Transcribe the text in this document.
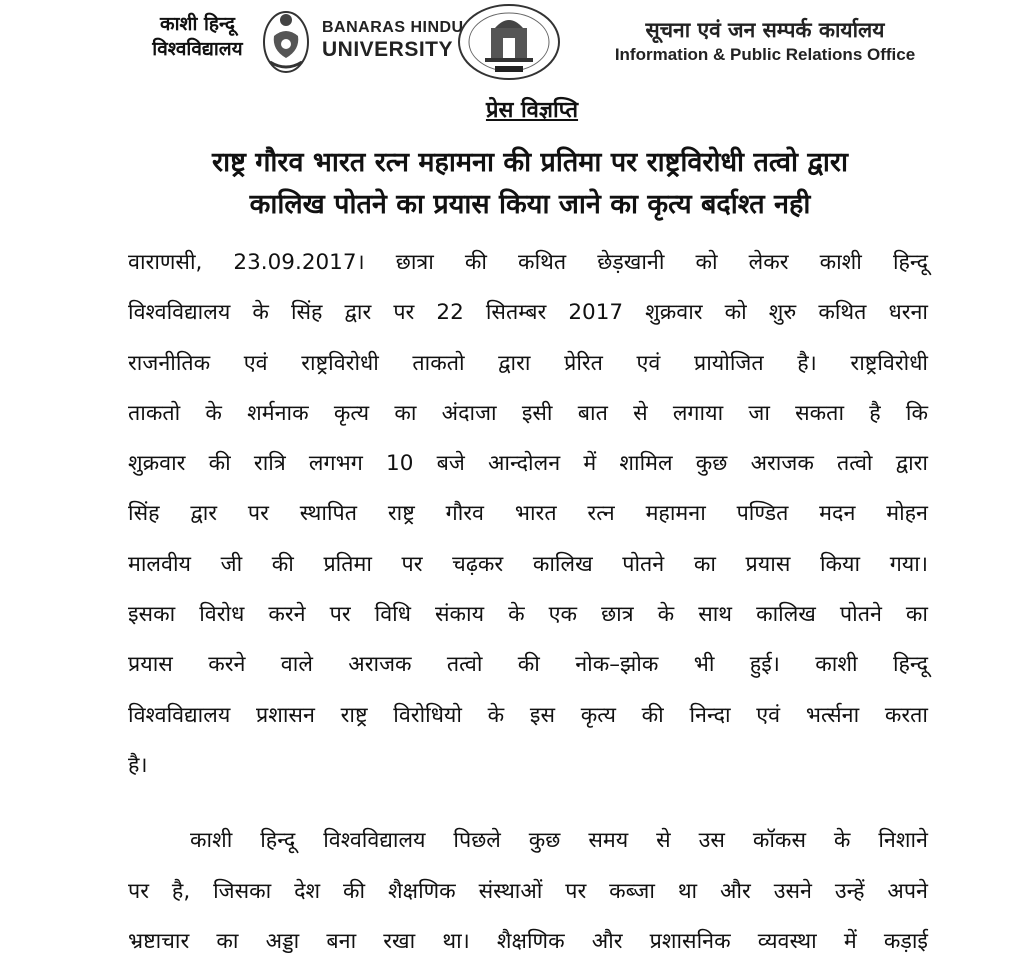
काशी हिन्दू
विश्वविद्यालय
BANARAS HINDU
UNIVERSITY
सूचना एवं जन सम्पर्क कार्यालय
Information & Public Relations Office
प्रेस विज्ञप्ति
राष्ट्र गौरव भारत रत्न महामना की प्रतिमा पर राष्ट्रविरोधी तत्वो द्वारा
कालिख पोतने का प्रयास किया जाने का कृत्य बर्दाश्त नही
वाराणसी, 23.09.2017। छात्रा की कथित छेड़खानी को लेकर काशी हिन्दू
विश्वविद्यालय के सिंह द्वार पर 22 सितम्बर 2017 शुक्रवार को शुरु कथित धरना
राजनीतिक एवं राष्ट्रविरोधी ताकतो द्वारा प्रेरित एवं प्रायोजित है। राष्ट्रविरोधी
ताकतो के शर्मनाक कृत्य का अंदाजा इसी बात से लगाया जा सकता है कि
शुक्रवार की रात्रि लगभग 10 बजे आन्दोलन में शामिल कुछ अराजक तत्वो द्वारा
सिंह द्वार पर स्थापित राष्ट्र गौरव भारत रत्न महामना पण्डित मदन मोहन
मालवीय जी की प्रतिमा पर चढ़कर कालिख पोतने का प्रयास किया गया।
इसका विरोध करने पर विधि संकाय के एक छात्र के साथ कालिख पोतने का
प्रयास करने वाले अराजक तत्वो की नोक–झोक भी हुई। काशी हिन्दू
विश्वविद्यालय प्रशासन राष्ट्र विरोधियो के इस कृत्य की निन्दा एवं भर्त्सना करता
है।
काशी हिन्दू विश्वविद्यालय पिछले कुछ समय से उस कॉकस के निशाने
पर है, जिसका देश की शैक्षणिक संस्थाओं पर कब्जा था और उसने उन्हें अपने
भ्रष्टाचार का अड्डा बना रखा था। शैक्षणिक और प्रशासनिक व्यवस्था में कड़ाई
